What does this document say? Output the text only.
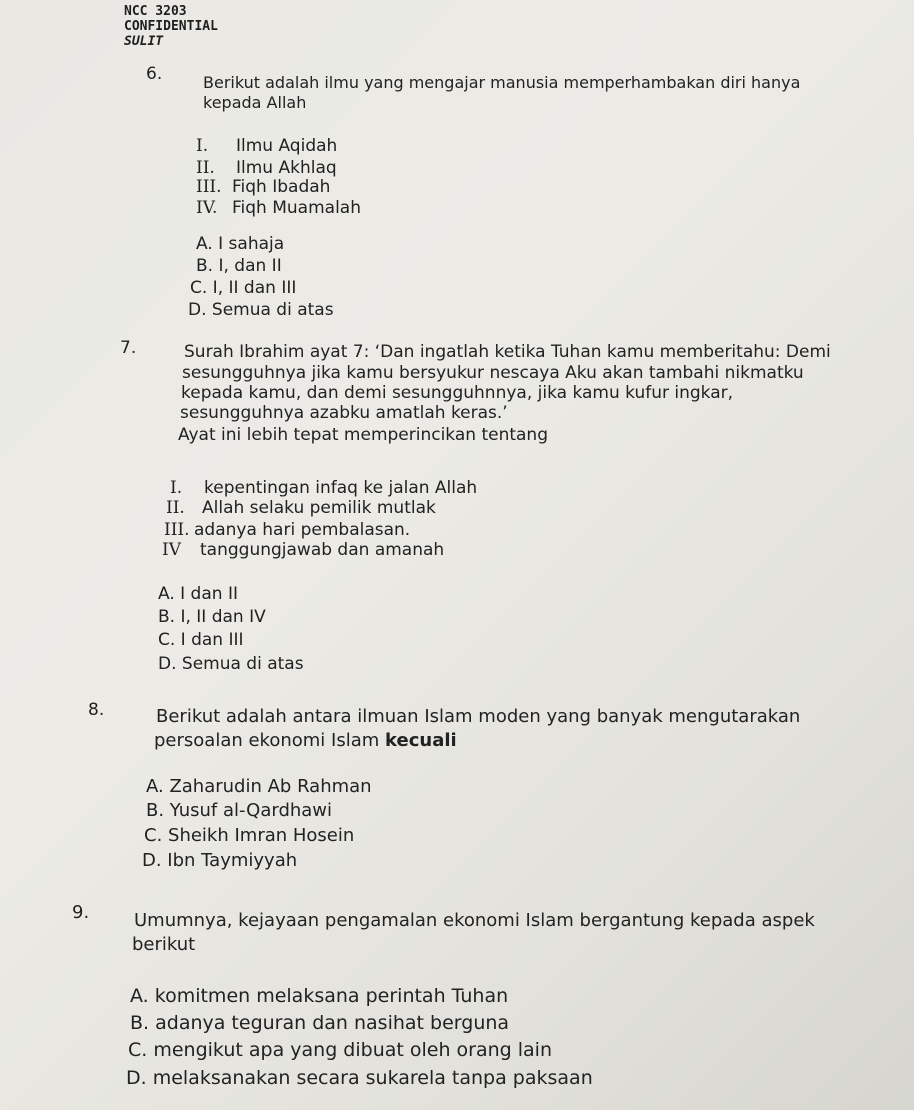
NCC 3203
CONFIDENTIAL
SULIT
6.	Berikut adalah ilmu yang mengajar manusia memperhambakan diri hanya
kepada Allah
I. Ilmu Aqidah
II. Ilmu Akhlaq
III. Fiqh Ibadah
IV. Fiqh Muamalah
A. I sahaja
B. I, dan II
C. I, II dan III
D. Semua di atas
7.	Surah Ibrahim ayat 7: ‘Dan ingatlah ketika Tuhan kamu memberitahu: Demi
sesungguhnya jika kamu bersyukur nescaya Aku akan tambahi nikmatku
kepada kamu, dan demi sesungguhnnya, jika kamu kufur ingkar,
sesungguhnya azabku amatlah keras.’
Ayat ini lebih tepat memperincikan tentang
I. kepentingan infaq ke jalan Allah
II. Allah selaku pemilik mutlak
III. adanya hari pembalasan.
IV tanggungjawab dan amanah
A. I dan II
B. I, II dan IV
C. I dan III
D. Semua di atas
8.	Berikut adalah antara ilmuan Islam moden yang banyak mengutarakan
persoalan ekonomi Islam kecuali
A. Zaharudin Ab Rahman
B. Yusuf al-Qardhawi
C. Sheikh Imran Hosein
D. Ibn Taymiyyah
9. Umumnya, kejayaan pengamalan ekonomi Islam bergantung kepada aspek
berikut
A. komitmen melaksana perintah Tuhan
B. adanya teguran dan nasihat berguna
C. mengikut apa yang dibuat oleh orang lain
D. melaksanakan secara sukarela tanpa paksaan
